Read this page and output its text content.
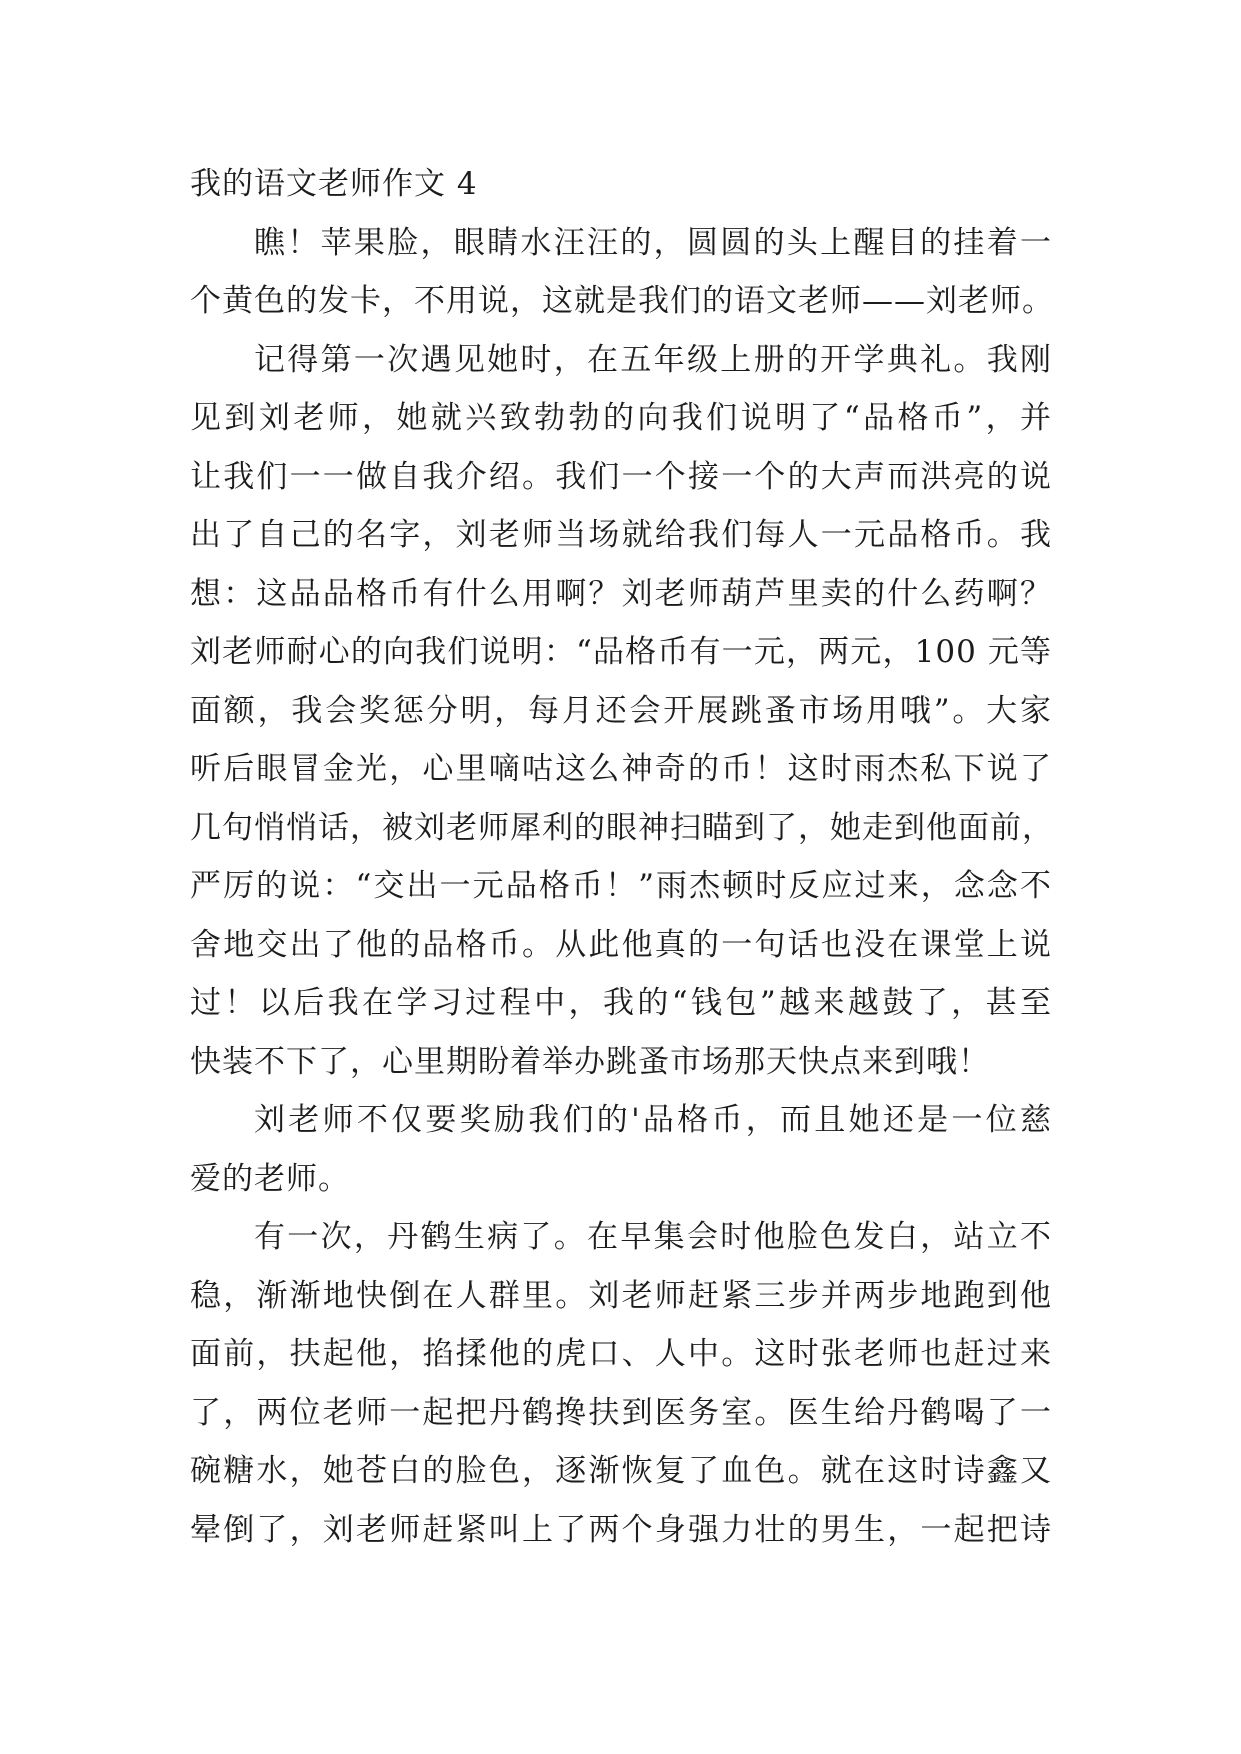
我的语文老师作文 4
瞧！苹果脸，眼睛水汪汪的，圆圆的头上醒目的挂着一
个黄色的发卡，不用说，这就是我们的语文老师——刘老师。
记得第一次遇见她时，在五年级上册的开学典礼。我刚
见到刘老师，她就兴致勃勃的向我们说明了“品格币”，并
让我们一一做自我介绍。我们一个接一个的大声而洪亮的说
出了自己的名字，刘老师当场就给我们每人一元品格币。我
想：这品品格币有什么用啊？刘老师葫芦里卖的什么药啊？
刘老师耐心的向我们说明：“品格币有一元，两元，100 元等
面额，我会奖惩分明，每月还会开展跳蚤市场用哦”。大家
听后眼冒金光，心里嘀咕这么神奇的币！这时雨杰私下说了
几句悄悄话，被刘老师犀利的眼神扫瞄到了，她走到他面前，
严厉的说：“交出一元品格币！”雨杰顿时反应过来，念念不
舍地交出了他的品格币。从此他真的一句话也没在课堂上说
过！以后我在学习过程中，我的“钱包”越来越鼓了，甚至
快装不下了，心里期盼着举办跳蚤市场那天快点来到哦！
刘老师不仅要奖励我们的'品格币，而且她还是一位慈
爱的老师。
有一次，丹鹤生病了。在早集会时他脸色发白，站立不
稳，渐渐地快倒在人群里。刘老师赶紧三步并两步地跑到他
面前，扶起他，掐揉他的虎口、人中。这时张老师也赶过来
了，两位老师一起把丹鹤搀扶到医务室。医生给丹鹤喝了一
碗糖水，她苍白的脸色，逐渐恢复了血色。就在这时诗鑫又
晕倒了，刘老师赶紧叫上了两个身强力壮的男生，一起把诗
